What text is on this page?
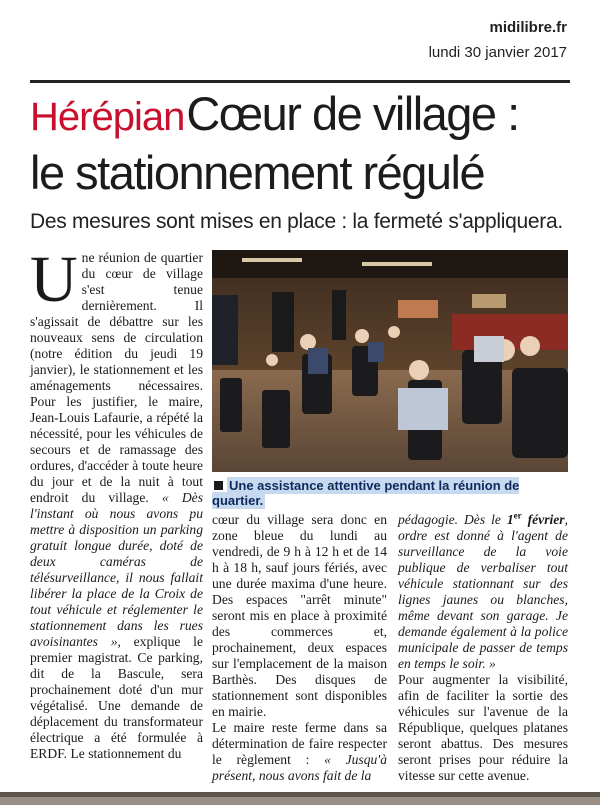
midilibre.fr
lundi 30 janvier 2017
HérépianCœur de village :
le stationnement régulé
Des mesures sont mises en place : la fermeté s'appliquera.
U ne réunion de quartier du cœur de village s'est tenue dernièrement. Il s'agissait de débattre sur les nouveaux sens de circulation (notre édition du jeudi 19 janvier), le stationnement et les aménagements nécessaires. Pour les justifier, le maire, Jean-Louis Lafaurie, a répété la nécessité, pour les véhicules de secours et de ramassage des ordures, d'accéder à toute heure du jour et de la nuit à tout endroit du village. « Dès l'instant où nous avons pu mettre à disposition un parking gratuit longue durée, doté de deux caméras de télésurveillance, il nous fallait libérer la place de la Croix de tout véhicule et réglementer le stationnement dans les rues avoisinantes », explique le premier magistrat. Ce parking, dit de la Bascule, sera prochainement doté d'un mur végétalisé. Une demande de déplacement du transformateur électrique a été formulée à ERDF. Le stationnement du
Une assistance attentive pendant la réunion de quartier.
cœur du village sera donc en zone bleue du lundi au vendredi, de 9 h à 12 h et de 14 h à 18 h, sauf jours fériés, avec une durée maxima d'une heure. Des espaces "arrêt minute" seront mis en place à proximité des commerces et, prochainement, deux espaces sur l'emplacement de la maison Barthès. Des disques de stationnement sont disponibles en mairie.
Le maire reste ferme dans sa détermination de faire respecter le règlement : « Jusqu'à présent, nous avons fait de la
pédagogie. Dès le 1er février, ordre est donné à l'agent de surveillance de la voie publique de verbaliser tout véhicule stationnant sur des lignes jaunes ou blanches, même devant son garage. Je demande également à la police municipale de passer de temps en temps le soir. »
Pour augmenter la visibilité, afin de faciliter la sortie des véhicules sur l'avenue de la République, quelques platanes seront abattus. Des mesures seront prises pour réduire la vitesse sur cette avenue.
